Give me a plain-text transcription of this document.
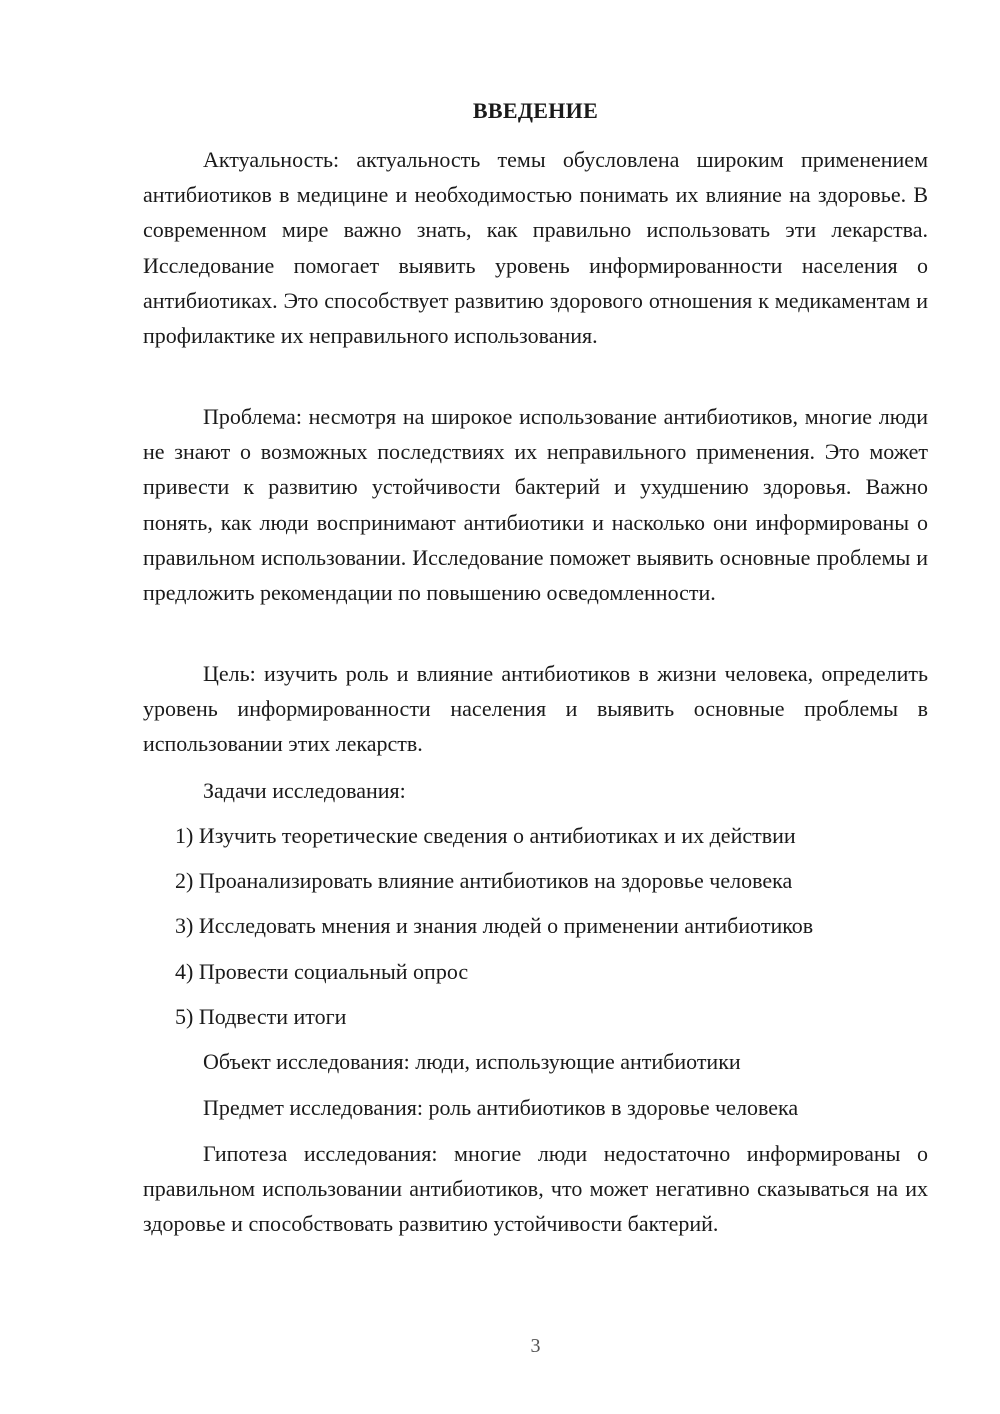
ВВЕДЕНИЕ

Актуальность: актуальность темы обусловлена широким применением антибиотиков в медицине и необходимостью понимать их влияние на здоровье. В современном мире важно знать, как правильно использовать эти лекарства. Исследование помогает выявить уровень информированности населения о антибиотиках. Это способствует развитию здорового отношения к медикаментам и профилактике их неправильного использования.

Проблема: несмотря на широкое использование антибиотиков, многие люди не знают о возможных последствиях их неправильного применения. Это может привести к развитию устойчивости бактерий и ухудшению здоровья. Важно понять, как люди воспринимают антибиотики и насколько они информированы о правильном использовании. Исследование поможет выявить основные проблемы и предложить рекомендации по повышению осведомленности.

Цель: изучить роль и влияние антибиотиков в жизни человека, определить уровень информированности населения и выявить основные проблемы в использовании этих лекарств.

Задачи исследования:
1) Изучить теоретические сведения о антибиотиках и их действии
2) Проанализировать влияние антибиотиков на здоровье человека
3) Исследовать мнения и знания людей о применении антибиотиков
4) Провести социальный опрос
5) Подвести итоги
Объект исследования: люди, использующие антибиотики
Предмет исследования: роль антибиотиков в здоровье человека

Гипотеза исследования: многие люди недостаточно информированы о правильном использовании антибиотиков, что может негативно сказываться на их здоровье и способствовать развитию устойчивости бактерий.

3
